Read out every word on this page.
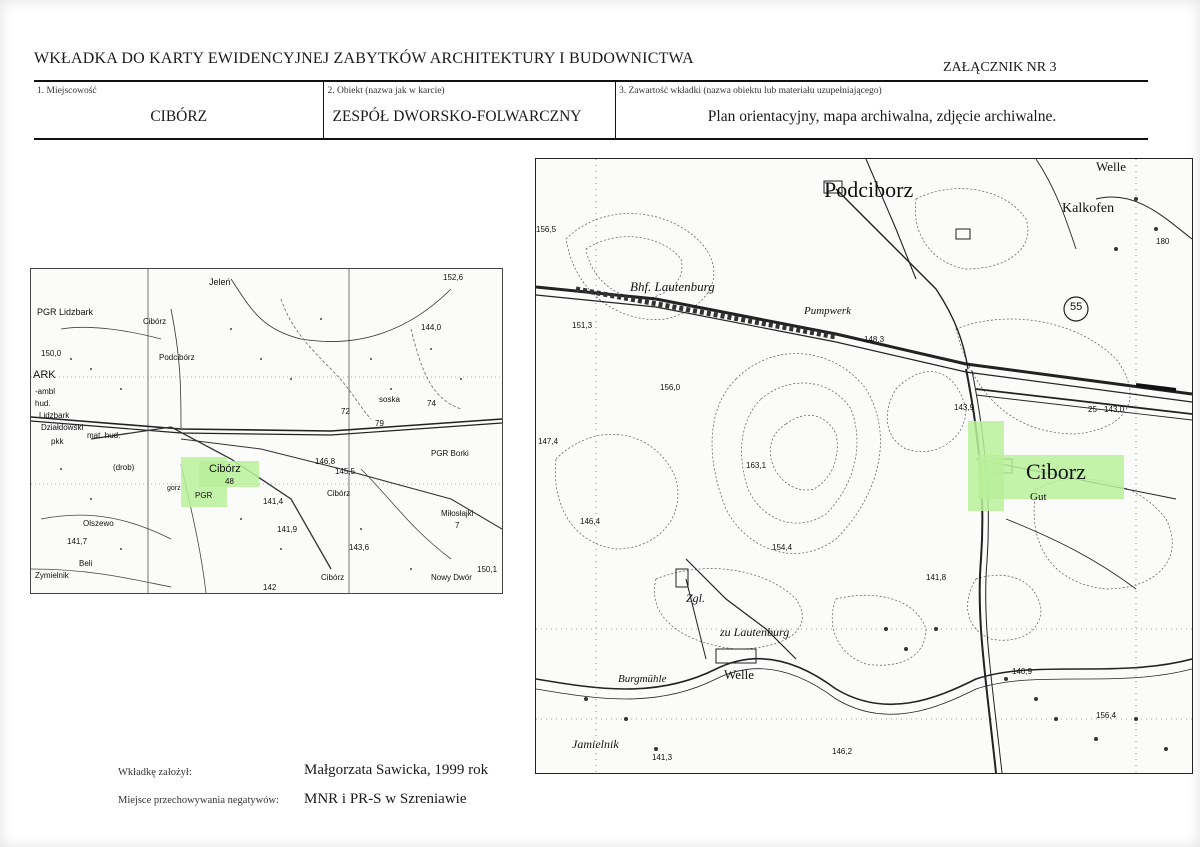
WKŁADKA DO KARTY EWIDENCYJNEJ ZABYTKÓW ARCHITEKTURY I BUDOWNICTWA
ZAŁĄCZNIK NR 3
1. Miejscowość
CIBÓRZ
2. Obiekt (nazwa jak w karcie)
ZESPÓŁ DWORSKO-FOLWARCZNY
3. Zawartość wkładki (nazwa obiektu lub materiału uzupełniającego)
Plan orientacyjny, mapa archiwalna, zdjęcie archiwalne.
PGR Lidzbark
Jeleń
Cibórz
Podcibórz
150,0
ARK
-ambl
hud.
Lidzbark
Działdowski
mat. hud.
pkk
(drob)	Cibórz
48
PGR
gorz
146,8
145,5
141,4
141,9
143,6
141,7
142
150,1
152,6
144,0
PGR Borki
Miłosłajki
7
Olszewo
Cibórz
Cibórz	Nowy Dwór
Zymielnik
Beli
72
79
74
soska
Podciborz
Welle
Kalkofen
180
Bhf. Lautenburg
Pumpwerk
156,5
151,3
156,0
148,3
55
143,9	143,0
25
147,4
163,1
154,4
146,4
Ciborz
Gut
141,8
Zgl.
zu Lautenburg
Welle
Burgmühle
Jamielnik
141,3
146,2
140,9
156,4
Wkładkę założył:	Małgorzata Sawicka, 1999 rok
Miejsce przechowywania negatywów: MNR i PR-S w Szreniawie
